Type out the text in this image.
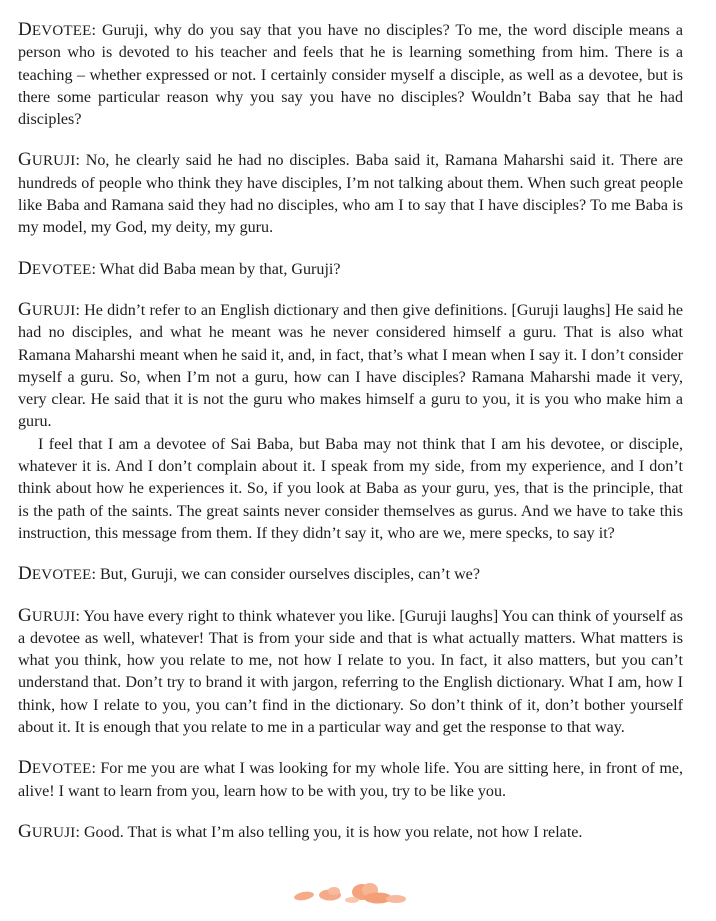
DEVOTEE: Guruji, why do you say that you have no disciples? To me, the word disciple means a person who is devoted to his teacher and feels that he is learning something from him. There is a teaching – whether expressed or not. I certainly consider myself a disciple, as well as a devotee, but is there some particular reason why you say you have no disciples? Wouldn’t Baba say that he had disciples?

GURUJI: No, he clearly said he had no disciples. Baba said it, Ramana Maharshi said it. There are hundreds of people who think they have disciples, I’m not talking about them. When such great people like Baba and Ramana said they had no disciples, who am I to say that I have disciples? To me Baba is my model, my God, my deity, my guru.

DEVOTEE: What did Baba mean by that, Guruji?

GURUJI: He didn’t refer to an English dictionary and then give definitions. [Guruji laughs] He said he had no disciples, and what he meant was he never considered himself a guru. That is also what Ramana Maharshi meant when he said it, and, in fact, that’s what I mean when I say it. I don’t consider myself a guru. So, when I’m not a guru, how can I have disciples? Ramana Maharshi made it very, very clear. He said that it is not the guru who makes himself a guru to you, it is you who make him a guru.

I feel that I am a devotee of Sai Baba, but Baba may not think that I am his devotee, or disciple, whatever it is. And I don’t complain about it. I speak from my side, from my experience, and I don’t think about how he experiences it. So, if you look at Baba as your guru, yes, that is the principle, that is the path of the saints. The great saints never consider themselves as gurus. And we have to take this instruction, this message from them. If they didn’t say it, who are we, mere specks, to say it?

DEVOTEE: But, Guruji, we can consider ourselves disciples, can’t we?

GURUJI: You have every right to think whatever you like. [Guruji laughs] You can think of yourself as a devotee as well, whatever! That is from your side and that is what actually matters. What matters is what you think, how you relate to me, not how I relate to you. In fact, it also matters, but you can’t understand that. Don’t try to brand it with jargon, referring to the English dictionary. What I am, how I think, how I relate to you, you can’t find in the dictionary. So don’t think of it, don’t bother yourself about it. It is enough that you relate to me in a particular way and get the response to that way.

DEVOTEE: For me you are what I was looking for my whole life. You are sitting here, in front of me, alive! I want to learn from you, learn how to be with you, try to be like you.

GURUJI: Good. That is what I’m also telling you, it is how you relate, not how I relate.
